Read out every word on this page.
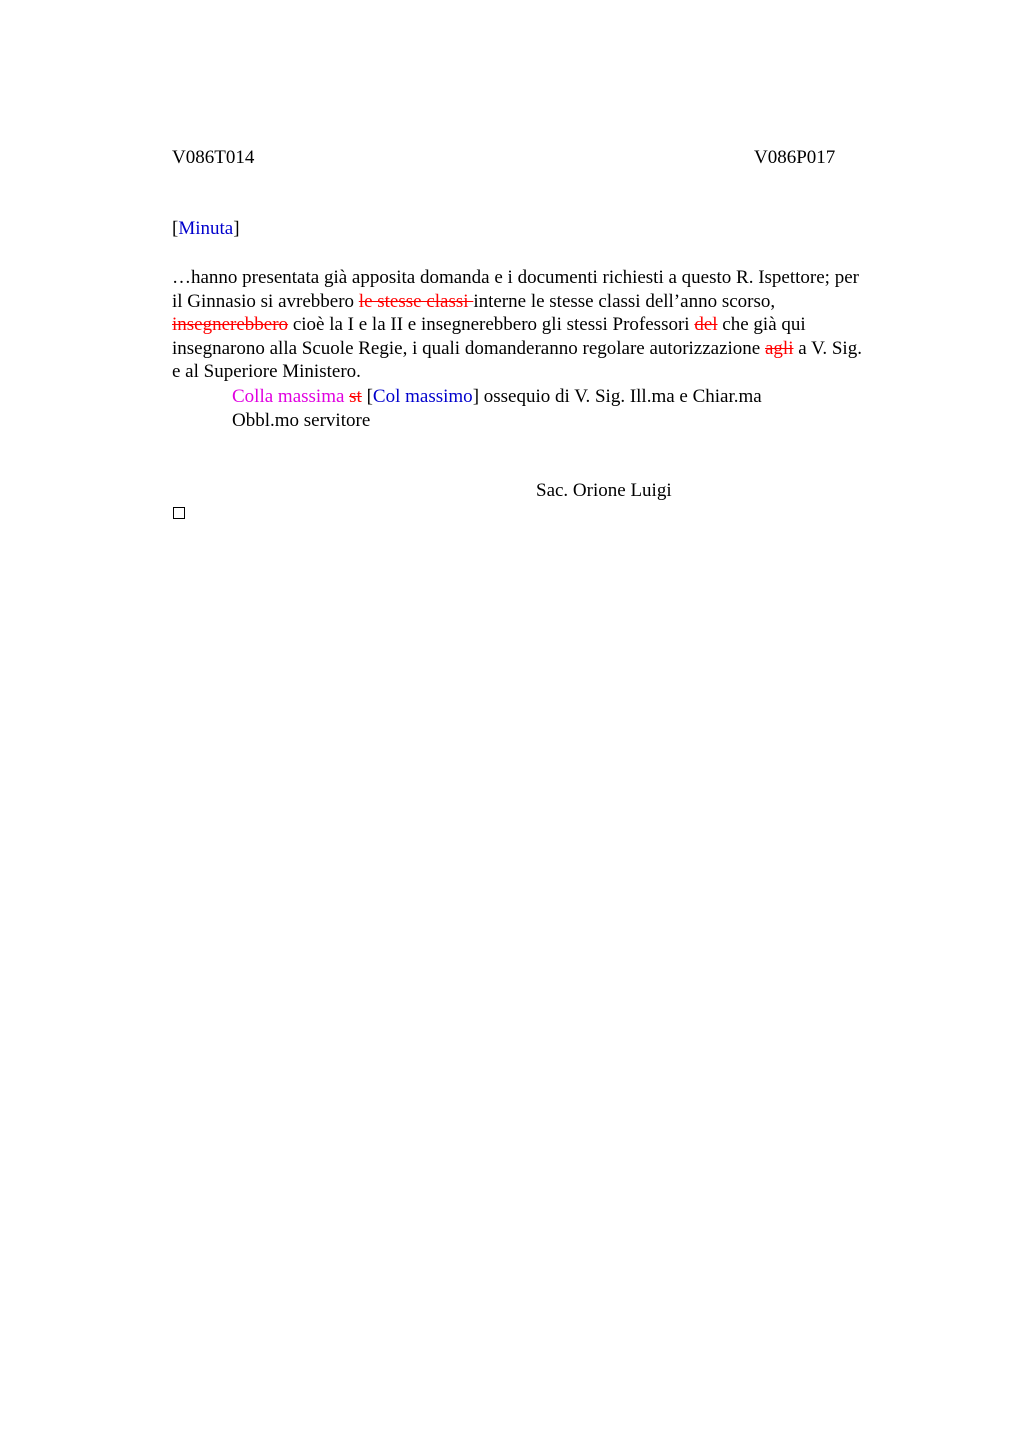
V086T014	V086P017
[Minuta]

…hanno presentata già apposita domanda e i documenti richiesti a questo R. Ispettore; per
il Ginnasio si avrebbero le stesse classi interne le stesse classi dell’anno scorso,
insegnerebbero cioè la I e la II e insegnerebbero gli stessi Professori del che già qui
insegnarono alla Scuole Regie, i quali domanderanno regolare autorizzazione agli a V. Sig.
e al Superiore Ministero.

Colla massima st [Col massimo] ossequio di V. Sig. Ill.ma e Chiar.ma
Obbl.mo servitore
Sac. Orione Luigi
